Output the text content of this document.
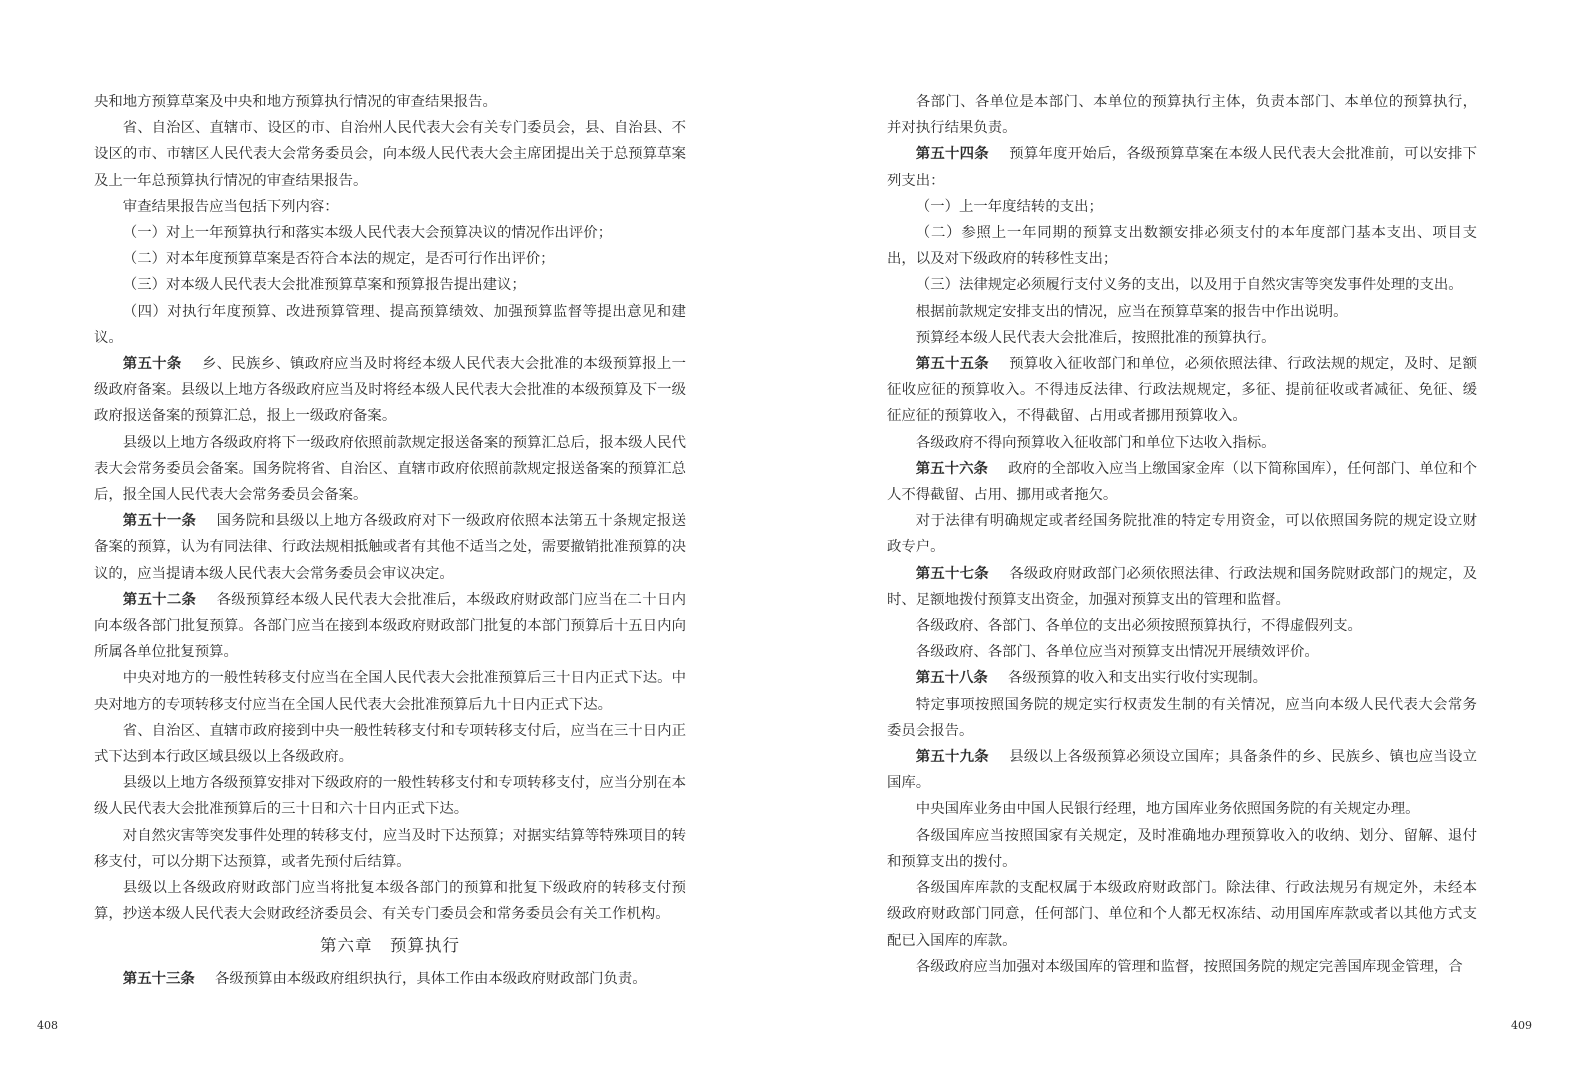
央和地方预算草案及中央和地方预算执行情况的审查结果报告。

省、自治区、直辖市、设区的市、自治州人民代表大会有关专门委员会，县、自治县、不设区的市、市辖区人民代表大会常务委员会，向本级人民代表大会主席团提出关于总预算草案及上一年总预算执行情况的审查结果报告。

审查结果报告应当包括下列内容：

（一）对上一年预算执行和落实本级人民代表大会预算决议的情况作出评价；

（二）对本年度预算草案是否符合本法的规定，是否可行作出评价；

（三）对本级人民代表大会批准预算草案和预算报告提出建议；

（四）对执行年度预算、改进预算管理、提高预算绩效、加强预算监督等提出意见和建议。

第五十条 乡、民族乡、镇政府应当及时将经本级人民代表大会批准的本级预算报上一级政府备案。县级以上地方各级政府应当及时将经本级人民代表大会批准的本级预算及下一级政府报送备案的预算汇总，报上一级政府备案。

县级以上地方各级政府将下一级政府依照前款规定报送备案的预算汇总后，报本级人民代表大会常务委员会备案。国务院将省、自治区、直辖市政府依照前款规定报送备案的预算汇总后，报全国人民代表大会常务委员会备案。

第五十一条 国务院和县级以上地方各级政府对下一级政府依照本法第五十条规定报送备案的预算，认为有同法律、行政法规相抵触或者有其他不适当之处，需要撤销批准预算的决议的，应当提请本级人民代表大会常务委员会审议决定。

第五十二条 各级预算经本级人民代表大会批准后，本级政府财政部门应当在二十日内向本级各部门批复预算。各部门应当在接到本级政府财政部门批复的本部门预算后十五日内向所属各单位批复预算。

中央对地方的一般性转移支付应当在全国人民代表大会批准预算后三十日内正式下达。中央对地方的专项转移支付应当在全国人民代表大会批准预算后九十日内正式下达。

省、自治区、直辖市政府接到中央一般性转移支付和专项转移支付后，应当在三十日内正式下达到本行政区域县级以上各级政府。

县级以上地方各级预算安排对下级政府的一般性转移支付和专项转移支付，应当分别在本级人民代表大会批准预算后的三十日和六十日内正式下达。

对自然灾害等突发事件处理的转移支付，应当及时下达预算；对据实结算等特殊项目的转移支付，可以分期下达预算，或者先预付后结算。

县级以上各级政府财政部门应当将批复本级各部门的预算和批复下级政府的转移支付预算，抄送本级人民代表大会财政经济委员会、有关专门委员会和常务委员会有关工作机构。

第六章　预算执行

第五十三条 各级预算由本级政府组织执行，具体工作由本级政府财政部门负责。

408

各部门、各单位是本部门、本单位的预算执行主体，负责本部门、本单位的预算执行，并对执行结果负责。

第五十四条 预算年度开始后，各级预算草案在本级人民代表大会批准前，可以安排下列支出：

（一）上一年度结转的支出；

（二）参照上一年同期的预算支出数额安排必须支付的本年度部门基本支出、项目支出，以及对下级政府的转移性支出；

（三）法律规定必须履行支付义务的支出，以及用于自然灾害等突发事件处理的支出。

根据前款规定安排支出的情况，应当在预算草案的报告中作出说明。

预算经本级人民代表大会批准后，按照批准的预算执行。

第五十五条 预算收入征收部门和单位，必须依照法律、行政法规的规定，及时、足额征收应征的预算收入。不得违反法律、行政法规规定，多征、提前征收或者减征、免征、缓征应征的预算收入，不得截留、占用或者挪用预算收入。

各级政府不得向预算收入征收部门和单位下达收入指标。

第五十六条 政府的全部收入应当上缴国家金库（以下简称国库），任何部门、单位和个人不得截留、占用、挪用或者拖欠。

对于法律有明确规定或者经国务院批准的特定专用资金，可以依照国务院的规定设立财政专户。

第五十七条 各级政府财政部门必须依照法律、行政法规和国务院财政部门的规定，及时、足额地拨付预算支出资金，加强对预算支出的管理和监督。

各级政府、各部门、各单位的支出必须按照预算执行，不得虚假列支。

各级政府、各部门、各单位应当对预算支出情况开展绩效评价。

第五十八条 各级预算的收入和支出实行收付实现制。

特定事项按照国务院的规定实行权责发生制的有关情况，应当向本级人民代表大会常务委员会报告。

第五十九条 县级以上各级预算必须设立国库；具备条件的乡、民族乡、镇也应当设立国库。

中央国库业务由中国人民银行经理，地方国库业务依照国务院的有关规定办理。

各级国库应当按照国家有关规定，及时准确地办理预算收入的收纳、划分、留解、退付和预算支出的拨付。

各级国库库款的支配权属于本级政府财政部门。除法律、行政法规另有规定外，未经本级政府财政部门同意，任何部门、单位和个人都无权冻结、动用国库库款或者以其他方式支配已入国库的库款。

各级政府应当加强对本级国库的管理和监督，按照国务院的规定完善国库现金管理，合

409
